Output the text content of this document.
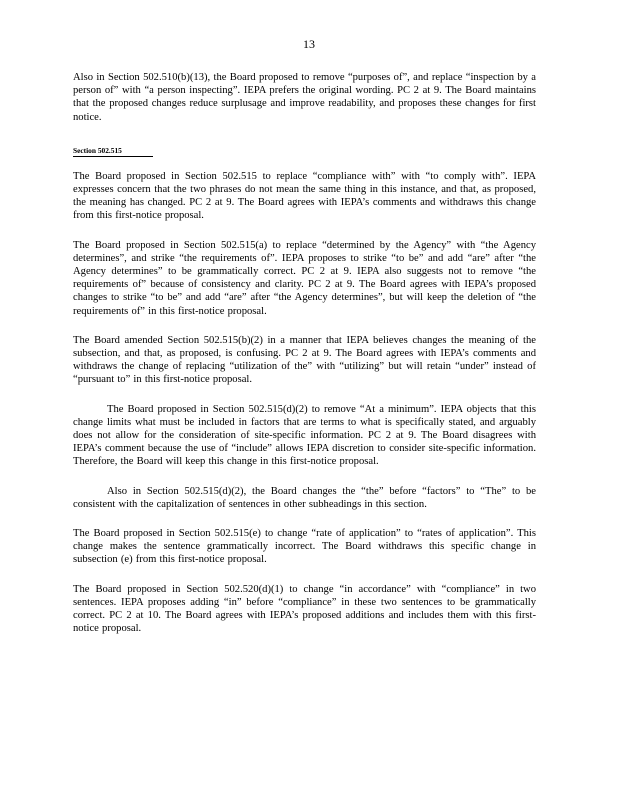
13

Also in Section 502.510(b)(13), the Board proposed to remove “purposes of”, and replace “inspection by a person of” with “a person inspecting”. IEPA prefers the original wording. PC 2 at 9. The Board maintains that the proposed changes reduce surplusage and improve readability, and proposes these changes for first notice.

Section 502.515

The Board proposed in Section 502.515 to replace “compliance with” with “to comply with”. IEPA expresses concern that the two phrases do not mean the same thing in this instance, and that, as proposed, the meaning has changed. PC 2 at 9. The Board agrees with IEPA’s comments and withdraws this change from this first-notice proposal.

The Board proposed in Section 502.515(a) to replace “determined by the Agency” with “the Agency determines”, and strike “the requirements of”. IEPA proposes to strike “to be” and add “are” after “the Agency determines” to be grammatically correct. PC 2 at 9. IEPA also suggests not to remove “the requirements of” because of consistency and clarity. PC 2 at 9. The Board agrees with IEPA’s proposed changes to strike “to be” and add “are” after “the Agency determines”, but will keep the deletion of “the requirements of” in this first-notice proposal.

The Board amended Section 502.515(b)(2) in a manner that IEPA believes changes the meaning of the subsection, and that, as proposed, is confusing. PC 2 at 9. The Board agrees with IEPA’s comments and withdraws the change of replacing “utilization of the” with “utilizing” but will retain “under” instead of “pursuant to” in this first-notice proposal.

The Board proposed in Section 502.515(d)(2) to remove “At a minimum”. IEPA objects that this change limits what must be included in factors that are terms to what is specifically stated, and arguably does not allow for the consideration of site-specific information. PC 2 at 9. The Board disagrees with IEPA’s comment because the use of “include” allows IEPA discretion to consider site-specific information. Therefore, the Board will keep this change in this first-notice proposal.

Also in Section 502.515(d)(2), the Board changes the “the” before “factors” to “The” to be consistent with the capitalization of sentences in other subheadings in this section.

The Board proposed in Section 502.515(e) to change “rate of application” to “rates of application”. This change makes the sentence grammatically incorrect. The Board withdraws this specific change in subsection (e) from this first-notice proposal.

The Board proposed in Section 502.520(d)(1) to change “in accordance” with “compliance” in two sentences. IEPA proposes adding “in” before “compliance” in these two sentences to be grammatically correct. PC 2 at 10. The Board agrees with IEPA’s proposed additions and includes them with this first-notice proposal.
